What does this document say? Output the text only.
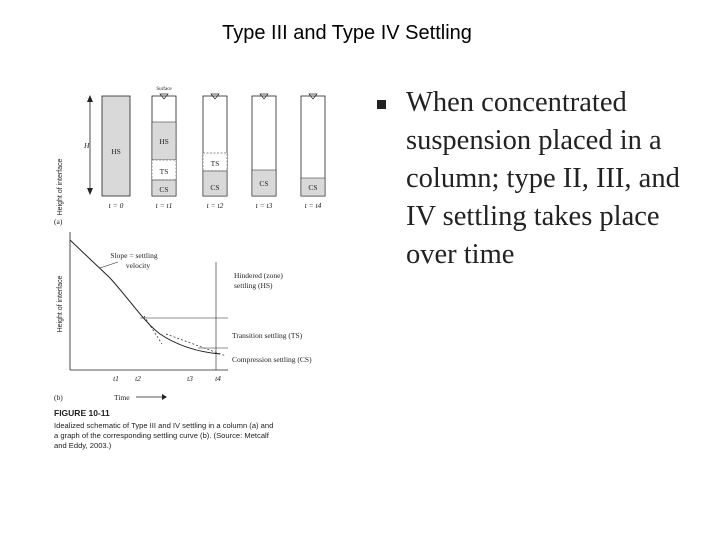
Type III and Type IV Settling
Height of interface
H
HS
t = 0
HS
TS
CS
Surface
t = t1
TS
CS
t = t2
CS
t = t3
CS
t = t4
(a)
Height of interface
Slope = settling
velocity
Hindered (zone)
settling (HS)
Transition settling (TS)
Compression settling (CS)
t1 t2	t3	t4
(b)	Time
FIGURE 10-11
Idealized schematic of Type III and IV settling in a column (a) and
a graph of the corresponding settling curve (b). (Source: Metcalf
and Eddy, 2003.)
When concentrated suspension placed in a column; type II, III, and IV settling takes place over time
